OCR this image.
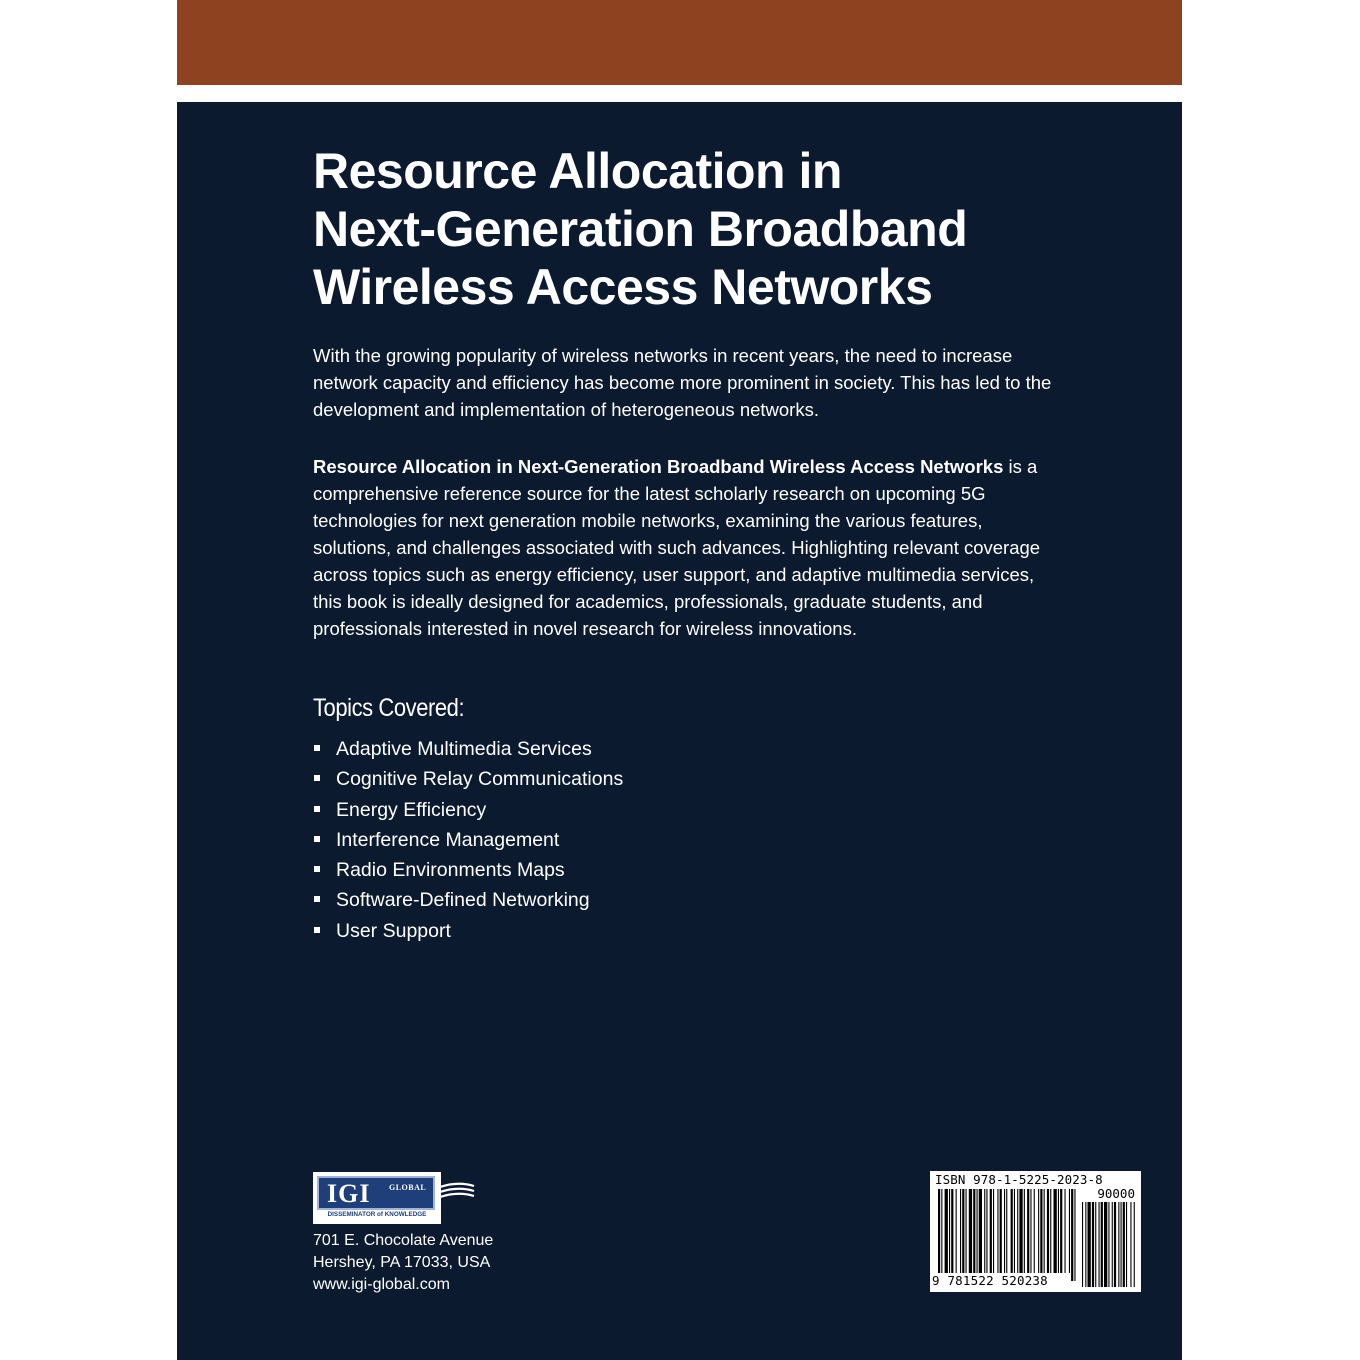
Resource Allocation in
Next-Generation Broadband
Wireless Access Networks

With the growing popularity of wireless networks in recent years, the need to increase network capacity and efficiency has become more prominent in society. This has led to the development and implementation of heterogeneous networks.

Resource Allocation in Next-Generation Broadband Wireless Access Networks is a comprehensive reference source for the latest scholarly research on upcoming 5G technologies for next generation mobile networks, examining the various features, solutions, and challenges associated with such advances. Highlighting relevant coverage across topics such as energy efficiency, user support, and adaptive multimedia services, this book is ideally designed for academics, professionals, graduate students, and professionals interested in novel research for wireless innovations.

Topics Covered:
Adaptive Multimedia Services
Cognitive Relay Communications
Energy Efficiency
Interference Management
Radio Environments Maps
Software-Defined Networking
User Support
IGI GLOBAL
DISSEMINATOR of KNOWLEDGE

701 E. Chocolate Avenue
Hershey, PA 17033, USA
www.igi-global.com

ISBN 978-1-5225-2023-8
90000
9 781522 520238
